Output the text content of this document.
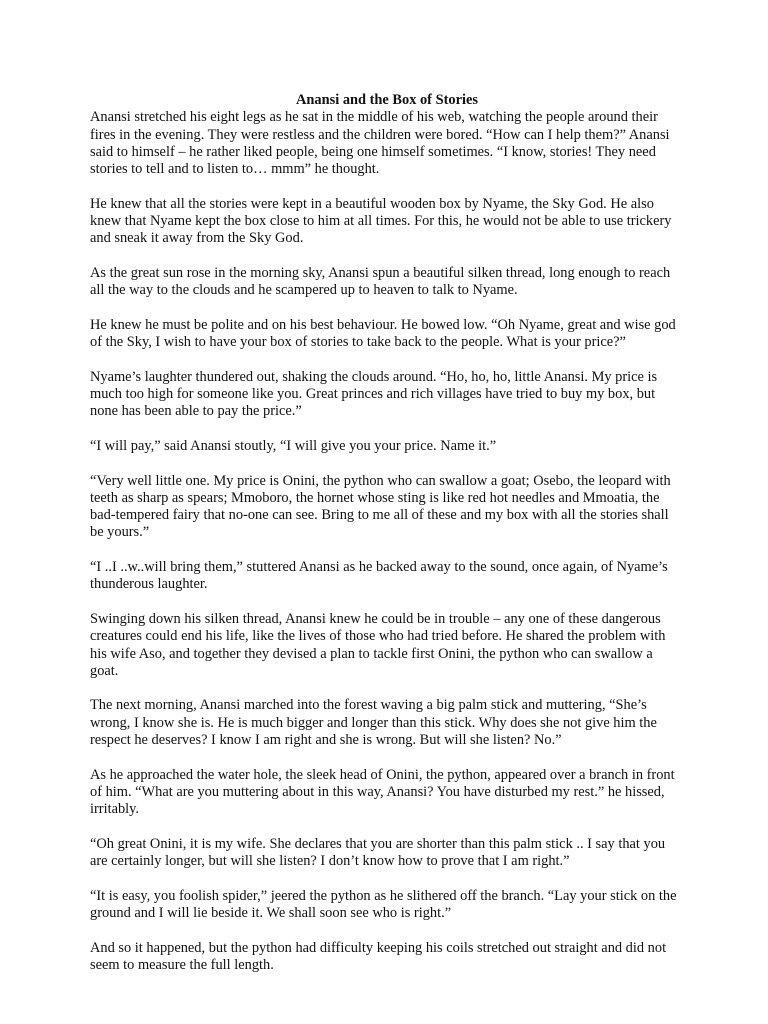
Anansi and the Box of Stories

Anansi stretched his eight legs as he sat in the middle of his web, watching the people around their fires in the evening. They were restless and the children were bored. “How can I help them?” Anansi said to himself – he rather liked people, being one himself sometimes. “I know, stories! They need stories to tell and to listen to… mmm” he thought.

He knew that all the stories were kept in a beautiful wooden box by Nyame, the Sky God. He also knew that Nyame kept the box close to him at all times. For this, he would not be able to use trickery and sneak it away from the Sky God.

As the great sun rose in the morning sky, Anansi spun a beautiful silken thread, long enough to reach all the way to the clouds and he scampered up to heaven to talk to Nyame.

He knew he must be polite and on his best behaviour. He bowed low. “Oh Nyame, great and wise god of the Sky, I wish to have your box of stories to take back to the people. What is your price?”

Nyame’s laughter thundered out, shaking the clouds around. “Ho, ho, ho, little Anansi. My price is much too high for someone like you. Great princes and rich villages have tried to buy my box, but none has been able to pay the price.”

“I will pay,” said Anansi stoutly, “I will give you your price. Name it.”

“Very well little one. My price is Onini, the python who can swallow a goat; Osebo, the leopard with teeth as sharp as spears; Mmoboro, the hornet whose sting is like red hot needles and Mmoatia, the bad-tempered fairy that no-one can see. Bring to me all of these and my box with all the stories shall be yours.”

“I ..I ..w..will bring them,” stuttered Anansi as he backed away to the sound, once again, of Nyame’s thunderous laughter.

Swinging down his silken thread, Anansi knew he could be in trouble – any one of these dangerous creatures could end his life, like the lives of those who had tried before. He shared the problem with his wife Aso, and together they devised a plan to tackle first Onini, the python who can swallow a goat.

The next morning, Anansi marched into the forest waving a big palm stick and muttering, “She’s wrong, I know she is. He is much bigger and longer than this stick. Why does she not give him the respect he deserves? I know I am right and she is wrong. But will she listen? No.”

As he approached the water hole, the sleek head of Onini, the python, appeared over a branch in front of him. “What are you muttering about in this way, Anansi? You have disturbed my rest.” he hissed, irritably.

“Oh great Onini, it is my wife. She declares that you are shorter than this palm stick .. I say that you are certainly longer, but will she listen? I don’t know how to prove that I am right.”

“It is easy, you foolish spider,” jeered the python as he slithered off the branch. “Lay your stick on the ground and I will lie beside it. We shall soon see who is right.”

And so it happened, but the python had difficulty keeping his coils stretched out straight and did not seem to measure the full length.
